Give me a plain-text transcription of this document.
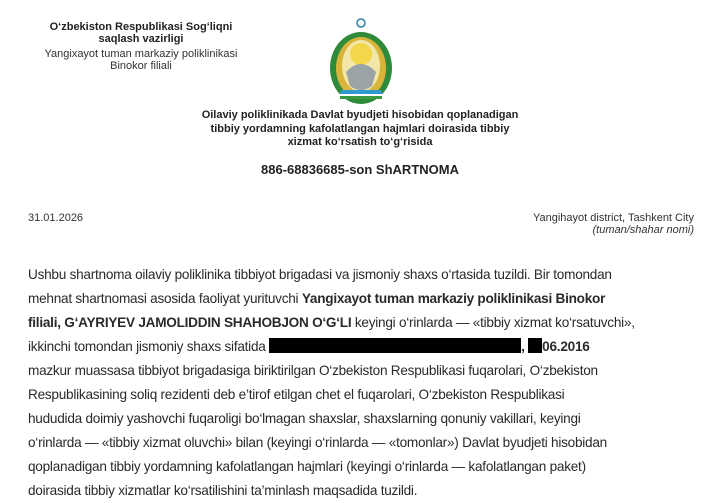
O‘zbekiston Respublikasi Sog‘liqni
saqlash vazirligi
Yangixayot tuman markaziy poliklinikasi
Binokor filiali
Oilaviy poliklinikada Davlat byudjeti hisobidan qoplanadigan
tibbiy yordamning kafolatlangan hajmlari doirasida tibbiy
xizmat ko‘rsatish to‘g‘risida
886-68836685-son ShARTNOMA
31.01.2026	Yangihayot district, Tashkent City
(tuman/shahar nomi)
Ushbu shartnoma oilaviy poliklinika tibbiyot brigadasi va jismoniy shaxs o‘rtasida tuzildi. Bir tomondan
mehnat shartnomasi asosida faoliyat yurituvchi Yangixayot tuman markaziy poliklinikasi Binokor
filiali, G‘AYRIYEV JAMOLIDDIN SHAHOBJON O‘G‘LI keyingi o‘rinlarda — «tibbiy xizmat ko‘rsatuvchi»,
ikkinchi tomondan jismoniy shaxs sifatida	, 06.2016
mazkur muassasa tibbiyot brigadasiga biriktirilgan O‘zbekiston Respublikasi fuqarolari, O‘zbekiston
Respublikasining soliq rezidenti deb e’tirof etilgan chet el fuqarolari, O‘zbekiston Respublikasi
hududida doimiy yashovchi fuqaroligi bo‘lmagan shaxslar, shaxslarning qonuniy vakillari, keyingi
o‘rinlarda — «tibbiy xizmat oluvchi» bilan (keyingi o‘rinlarda — «tomonlar») Davlat byudjeti hisobidan
qoplanadigan tibbiy yordamning kafolatlangan hajmlari (keyingi o‘rinlarda — kafolatlangan paket)
doirasida tibbiy xizmatlar ko‘rsatilishini ta’minlash maqsadida tuzildi.
